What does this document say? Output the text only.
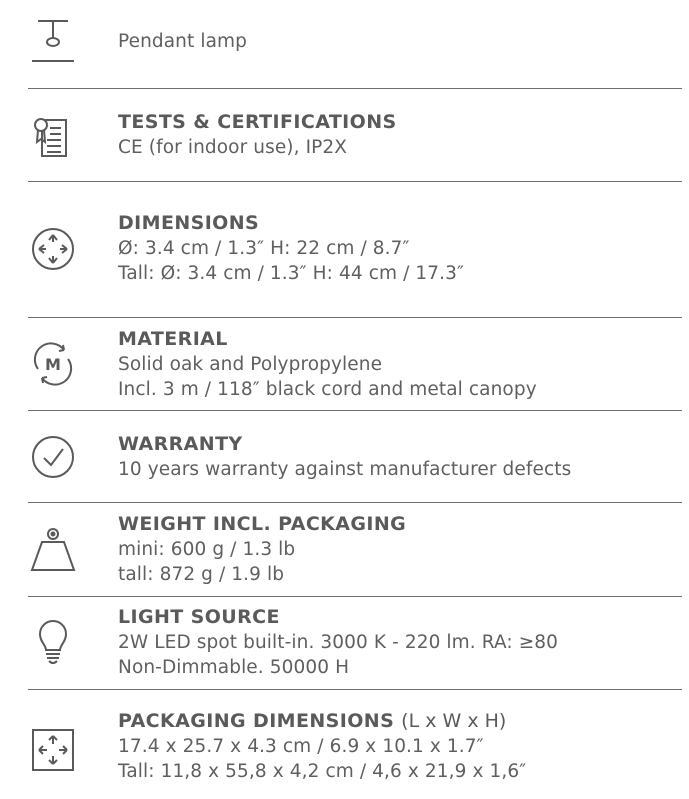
Pendant lamp
TESTS & CERTIFICATIONS
CE (for indoor use), IP2X
DIMENSIONS
Ø: 3.4 cm / 1.3″ H: 22 cm / 8.7″
Tall: Ø: 3.4 cm / 1.3″ H: 44 cm / 17.3″
M
MATERIAL
Solid oak and Polypropylene
Incl. 3 m / 118″ black cord and metal canopy
WARRANTY
10 years warranty against manufacturer defects
WEIGHT INCL. PACKAGING
mini: 600 g / 1.3 lb
tall: 872 g / 1.9 lb
LIGHT SOURCE
2W LED spot built-in. 3000 K - 220 lm. RA: ≥80
Non-Dimmable. 50000 H
PACKAGING DIMENSIONS (L x W x H)
17.4 x 25.7 x 4.3 cm / 6.9 x 10.1 x 1.7″
Tall: 11,8 x 55,8 x 4,2 cm / 4,6 x 21,9 x 1,6″
